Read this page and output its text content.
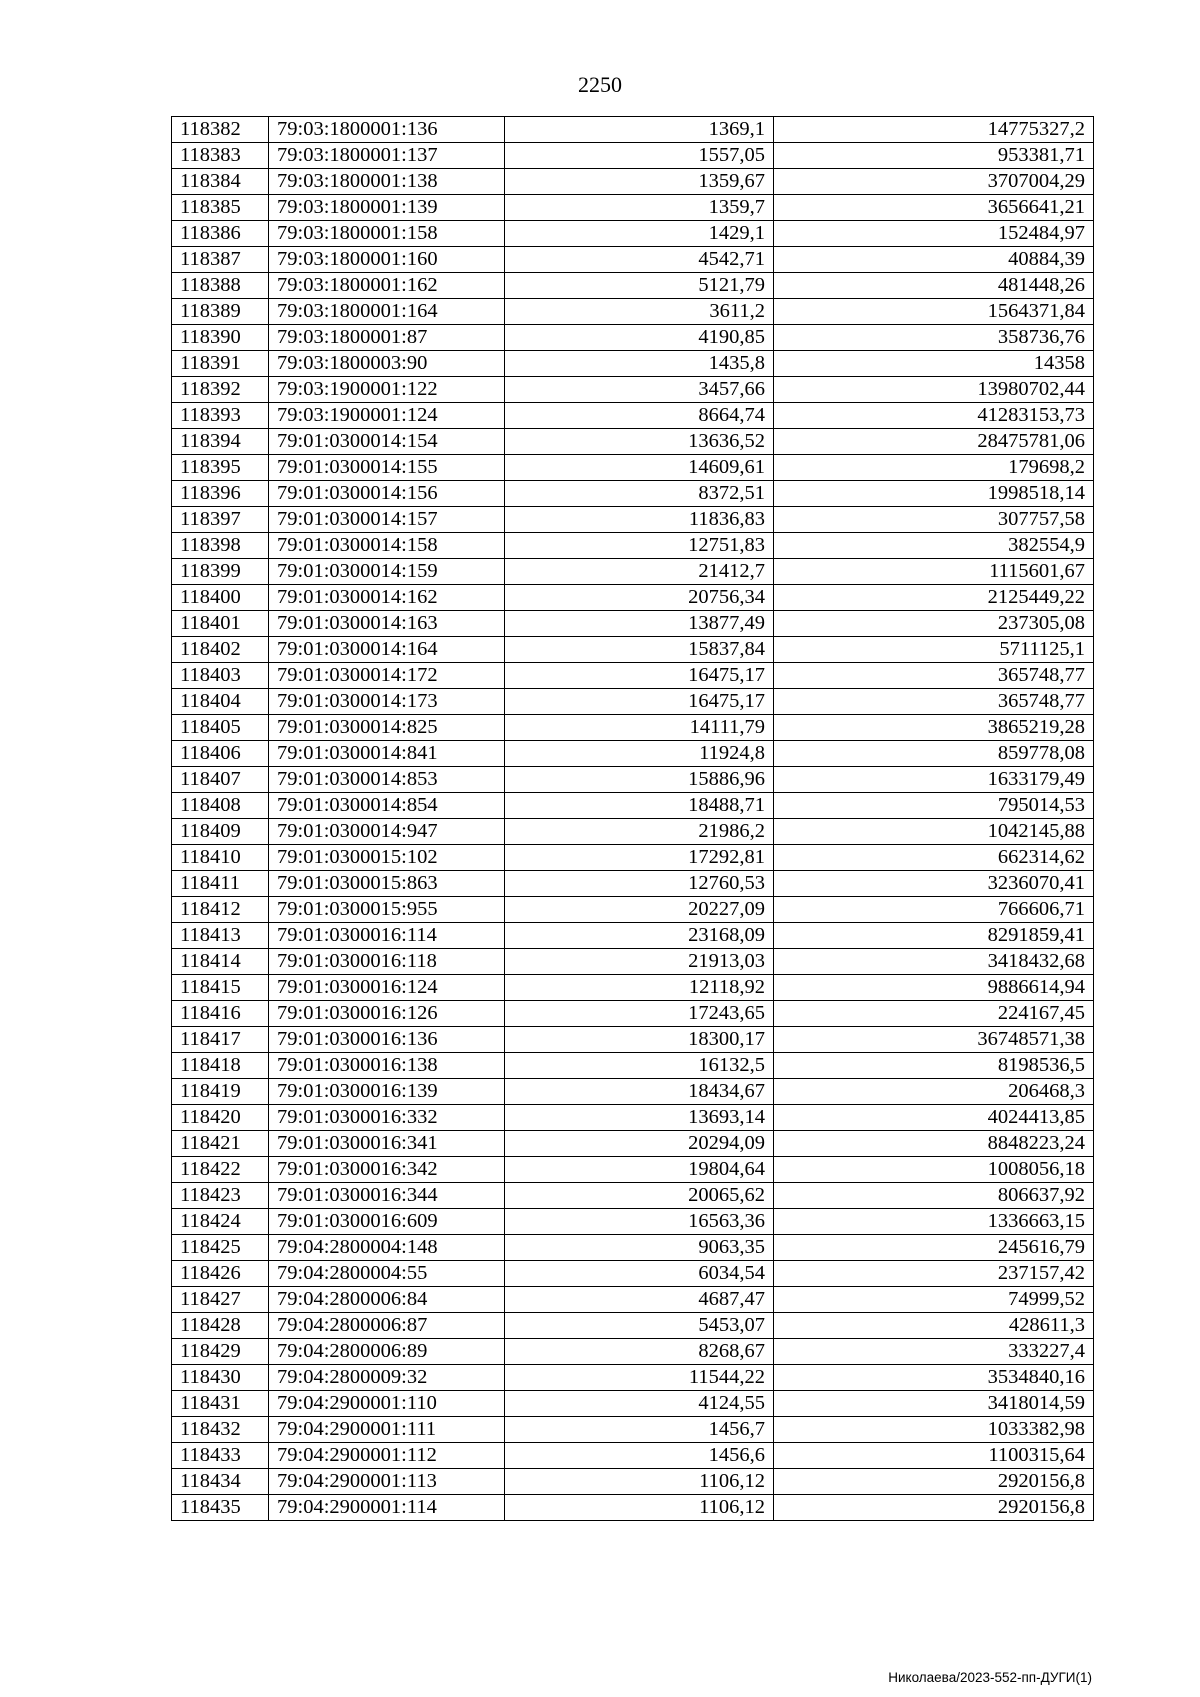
2250
118382	79:03:1800001:136	1369,1	14775327,2
118383	79:03:1800001:137	1557,05	953381,71
118384	79:03:1800001:138	1359,67	3707004,29
118385	79:03:1800001:139	1359,7	3656641,21
118386	79:03:1800001:158	1429,1	152484,97
118387	79:03:1800001:160	4542,71	40884,39
118388	79:03:1800001:162	5121,79	481448,26
118389	79:03:1800001:164	3611,2	1564371,84
118390	79:03:1800001:87	4190,85	358736,76
118391	79:03:1800003:90	1435,8	14358
118392	79:03:1900001:122	3457,66	13980702,44
118393	79:03:1900001:124	8664,74	41283153,73
118394	79:01:0300014:154	13636,52	28475781,06
118395	79:01:0300014:155	14609,61	179698,2
118396	79:01:0300014:156	8372,51	1998518,14
118397	79:01:0300014:157	11836,83	307757,58
118398	79:01:0300014:158	12751,83	382554,9
118399	79:01:0300014:159	21412,7	1115601,67
118400	79:01:0300014:162	20756,34	2125449,22
118401	79:01:0300014:163	13877,49	237305,08
118402	79:01:0300014:164	15837,84	5711125,1
118403	79:01:0300014:172	16475,17	365748,77
118404	79:01:0300014:173	16475,17	365748,77
118405	79:01:0300014:825	14111,79	3865219,28
118406	79:01:0300014:841	11924,8	859778,08
118407	79:01:0300014:853	15886,96	1633179,49
118408	79:01:0300014:854	18488,71	795014,53
118409	79:01:0300014:947	21986,2	1042145,88
118410	79:01:0300015:102	17292,81	662314,62
118411	79:01:0300015:863	12760,53	3236070,41
118412	79:01:0300015:955	20227,09	766606,71
118413	79:01:0300016:114	23168,09	8291859,41
118414	79:01:0300016:118	21913,03	3418432,68
118415	79:01:0300016:124	12118,92	9886614,94
118416	79:01:0300016:126	17243,65	224167,45
118417	79:01:0300016:136	18300,17	36748571,38
118418	79:01:0300016:138	16132,5	8198536,5
118419	79:01:0300016:139	18434,67	206468,3
118420	79:01:0300016:332	13693,14	4024413,85
118421	79:01:0300016:341	20294,09	8848223,24
118422	79:01:0300016:342	19804,64	1008056,18
118423	79:01:0300016:344	20065,62	806637,92
118424	79:01:0300016:609	16563,36	1336663,15
118425	79:04:2800004:148	9063,35	245616,79
118426	79:04:2800004:55	6034,54	237157,42
118427	79:04:2800006:84	4687,47	74999,52
118428	79:04:2800006:87	5453,07	428611,3
118429	79:04:2800006:89	8268,67	333227,4
118430	79:04:2800009:32	11544,22	3534840,16
118431	79:04:2900001:110	4124,55	3418014,59
118432	79:04:2900001:111	1456,7	1033382,98
118433	79:04:2900001:112	1456,6	1100315,64
118434	79:04:2900001:113	1106,12	2920156,8
118435	79:04:2900001:114	1106,12	2920156,8
Николаева/2023-552-пп-ДУГИ(1)
